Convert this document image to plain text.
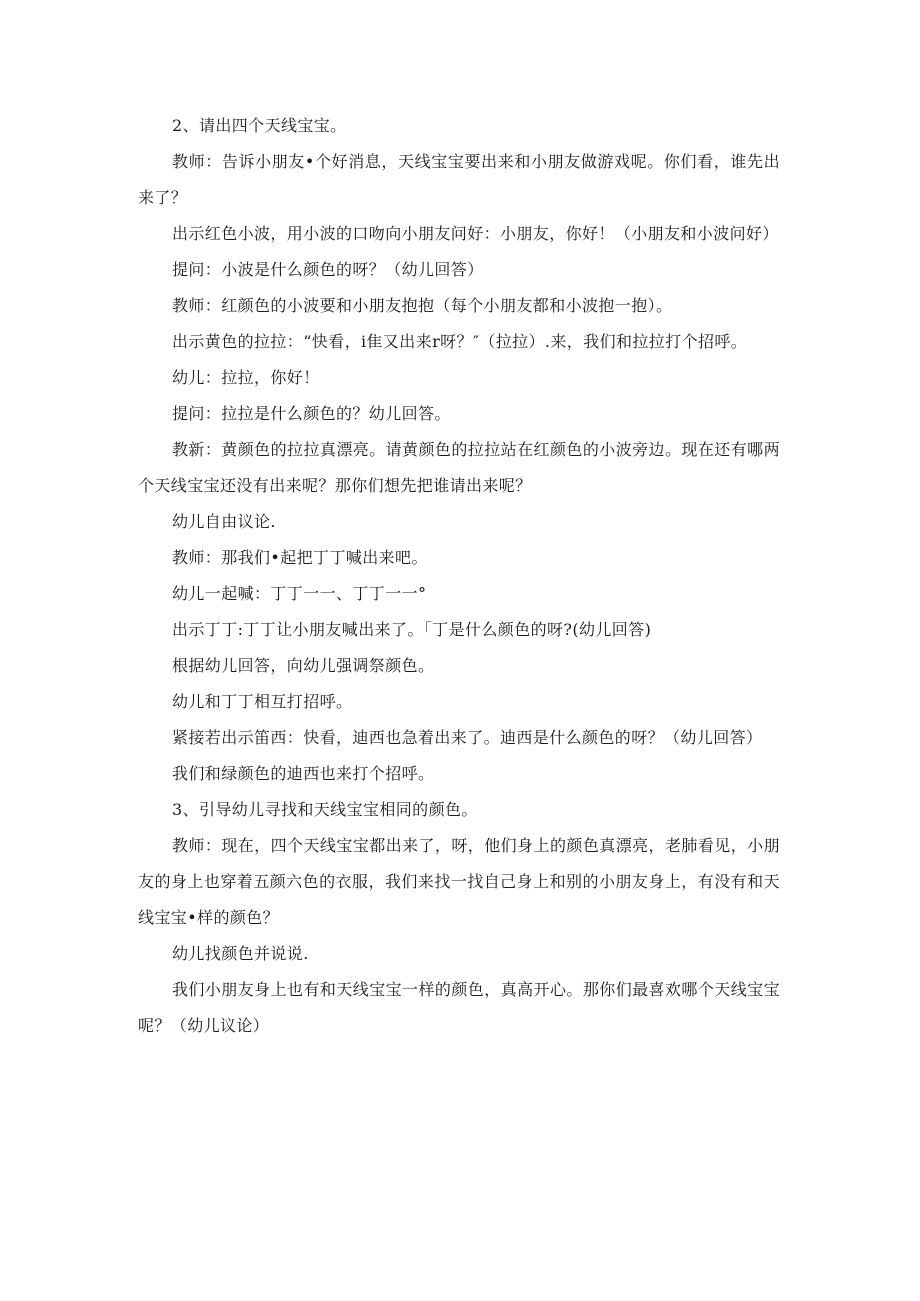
2、请出四个天线宝宝。

教师：告诉小朋友•个好消息，天线宝宝要出来和小朋友做游戏呢。你们看，谁先出来了？

出示红色小波，用小波的口吻向小朋友问好：小朋友，你好！（小朋友和小波问好）

提问：小波是什么颜色的呀？（幼儿回答）

教师：红颜色的小波要和小朋友抱抱（每个小朋友都和小波抱一抱）。

出示黄色的拉拉：“快看，i隹又出来r呀？″（拉拉）.来，我们和拉拉打个招呼。

幼儿：拉拉，你好！

提问：拉拉是什么颜色的？幼儿回答。

教新：黄颜色的拉拉真漂亮。请黄颜色的拉拉站在红颜色的小波旁边。现在还有哪两个天线宝宝还没有出来呢？那你们想先把谁请出来呢？

幼儿自由议论.

教师：那我们•起把丁丁喊出来吧。

幼儿一起喊：丁丁一一、丁丁一一°

出示丁丁:丁丁让小朋友喊出来了。「丁是什么颜色的呀?(幼儿回答)

根据幼儿回答，向幼儿强调祭颜色。

幼儿和丁丁相互打招呼。

紧接若出示笛西：快看，迪西也急着出来了。迪西是什么颜色的呀？（幼儿回答）

我们和绿颜色的迪西也来打个招呼。

3、引导幼儿寻找和天线宝宝相同的颜色。

教师：现在，四个天线宝宝都出来了，呀，他们身上的颜色真漂亮，老肺看见，小朋友的身上也穿着五颜六色的衣服，我们来找一找自己身上和别的小朋友身上，有没有和天线宝宝•样的颜色？

幼儿找颜色并说说.

我们小朋友身上也有和天线宝宝一样的颜色，真高开心。那你们最喜欢哪个天线宝宝呢？（幼儿议论）
